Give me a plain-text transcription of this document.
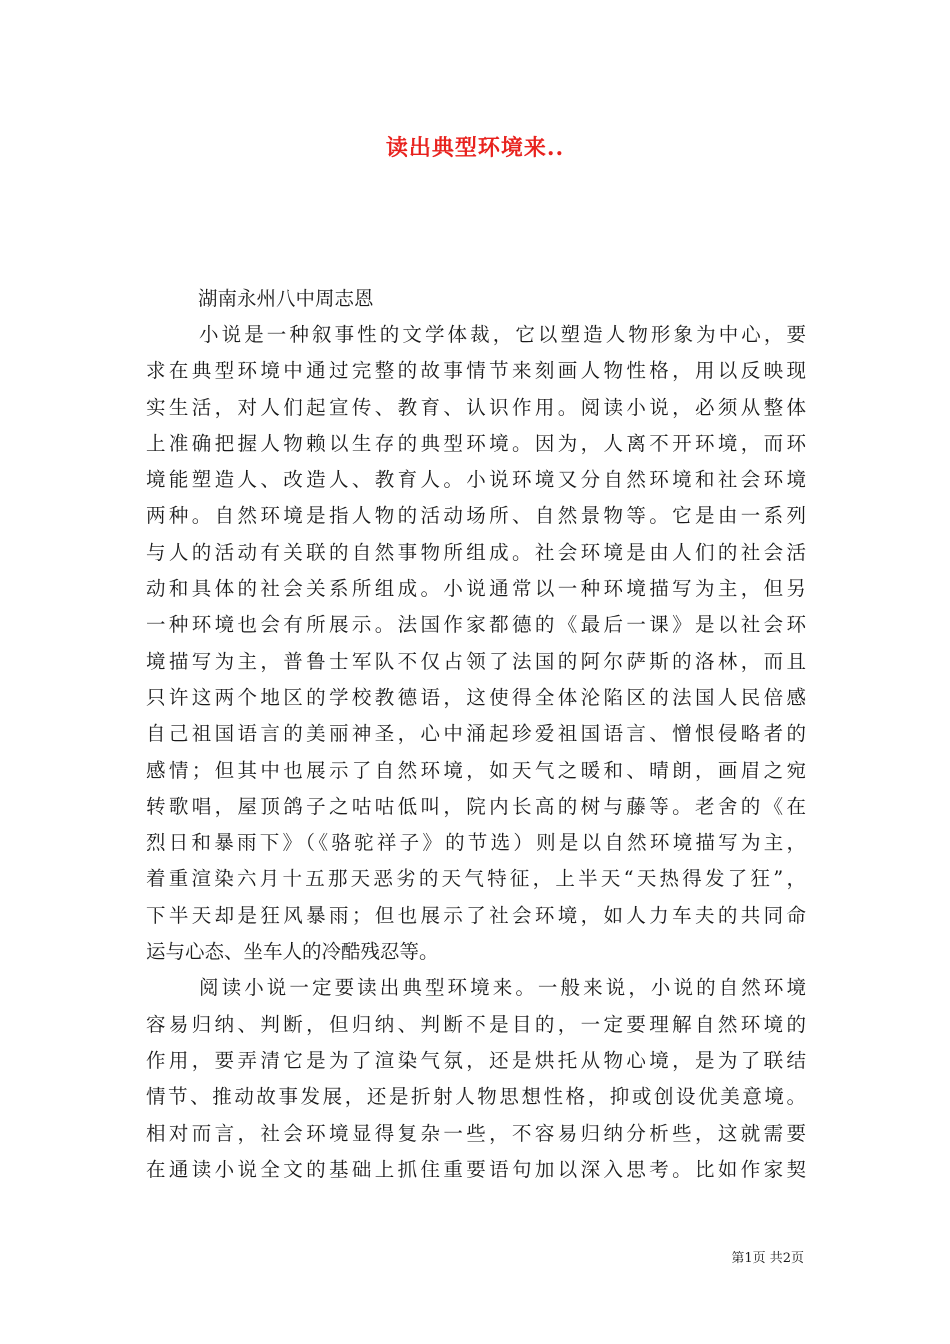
读出典型环境来..
湖南永州八中周志恩
小说是一种叙事性的文学体裁，它以塑造人物形象为中心，要
求在典型环境中通过完整的故事情节来刻画人物性格，用以反映现
实生活，对人们起宣传、教育、认识作用。阅读小说，必须从整体
上准确把握人物赖以生存的典型环境。因为，人离不开环境，而环
境能塑造人、改造人、教育人。小说环境又分自然环境和社会环境
两种。自然环境是指人物的活动场所、自然景物等。它是由一系列
与人的活动有关联的自然事物所组成。社会环境是由人们的社会活
动和具体的社会关系所组成。小说通常以一种环境描写为主，但另
一种环境也会有所展示。法国作家都德的《最后一课》是以社会环
境描写为主，普鲁士军队不仅占领了法国的阿尔萨斯的洛林，而且
只许这两个地区的学校教德语，这使得全体沦陷区的法国人民倍感
自己祖国语言的美丽神圣，心中涌起珍爱祖国语言、憎恨侵略者的
感情；但其中也展示了自然环境，如天气之暖和、晴朗，画眉之宛
转歌唱，屋顶鸽子之咕咕低叫，院内长高的树与藤等。老舍的《在
烈日和暴雨下》（《骆驼祥子》的节选）则是以自然环境描写为主，
着重渲染六月十五那天恶劣的天气特征，上半天“天热得发了狂”，
下半天却是狂风暴雨；但也展示了社会环境，如人力车夫的共同命
运与心态、坐车人的冷酷残忍等。
阅读小说一定要读出典型环境来。一般来说，小说的自然环境
容易归纳、判断，但归纳、判断不是目的，一定要理解自然环境的
作用，要弄清它是为了渲染气氛，还是烘托从物心境，是为了联结
情节、推动故事发展，还是折射人物思想性格，抑或创设优美意境。
相对而言，社会环境显得复杂一些，不容易归纳分析些，这就需要
在通读小说全文的基础上抓住重要语句加以深入思考。比如作家契
第1页 共2页
